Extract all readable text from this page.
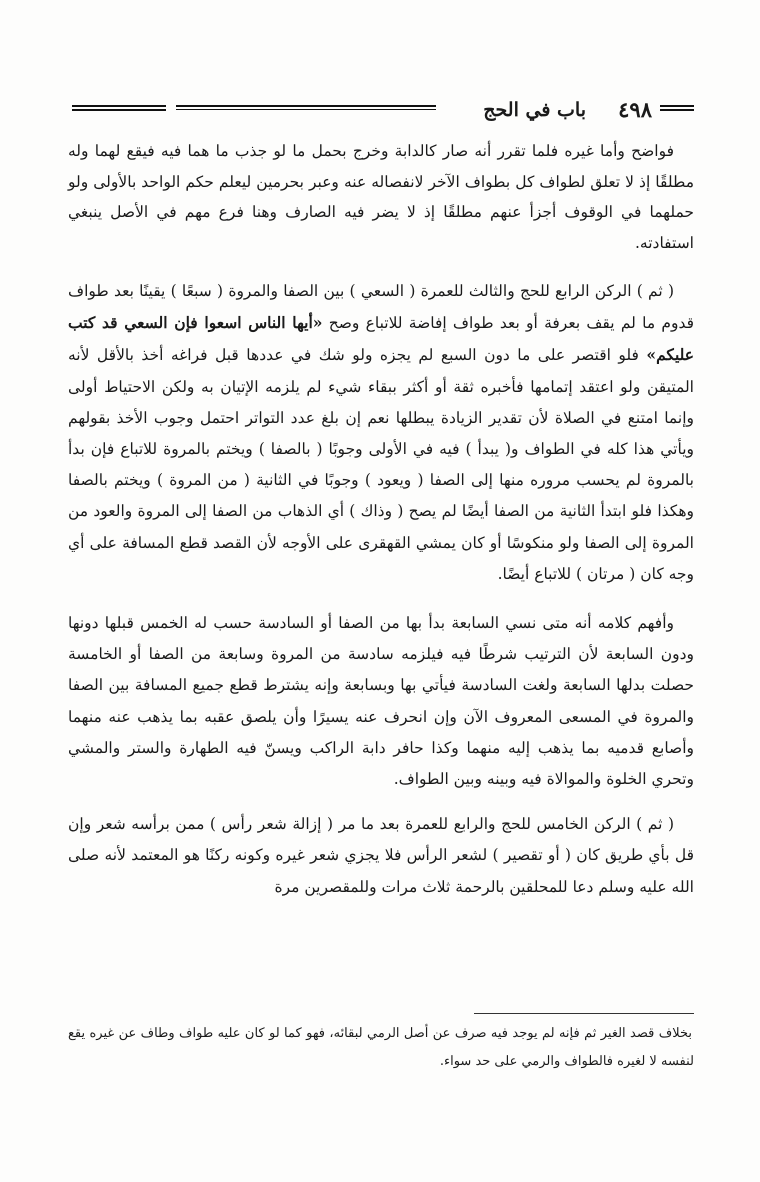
٤٩٨
باب في الحج

فواضح وأما غيره فلما تقرر أنه صار كالدابة وخرج بحمل ما لو جذب ما هما فيه فيقع لهما وله مطلقًا إذ لا تعلق لطواف كل بطواف الآخر لانفصاله عنه وعبر بحرمين ليعلم حكم الواحد بالأولى ولو حملهما في الوقوف أجزأ عنهم مطلقًا إذ لا يضر فيه الصارف وهنا فرع مهم في الأصل ينبغي استفادته.

( ثم ) الركن الرابع للحج والثالث للعمرة ( السعي ) بين الصفا والمروة ( سبعًا ) يقينًا بعد طواف قدوم ما لم يقف بعرفة أو بعد طواف إفاضة للاتباع وصح «أيها الناس اسعوا فإن السعي قد كتب عليكم» فلو اقتصر على ما دون السبع لم يجزه ولو شك في عددها قبل فراغه أخذ بالأقل لأنه المتيقن ولو اعتقد إتمامها فأخبره ثقة أو أكثر ببقاء شيء لم يلزمه الإتيان به ولكن الاحتياط أولى وإنما امتنع في الصلاة لأن تقدير الزيادة يبطلها نعم إن بلغ عدد التواتر احتمل وجوب الأخذ بقولهم ويأتي هذا كله في الطواف و( يبدأ ) فيه في الأولى وجوبًا ( بالصفا ) ويختم بالمروة للاتباع فإن بدأ بالمروة لم يحسب مروره منها إلى الصفا ( ويعود ) وجوبًا في الثانية ( من المروة ) ويختم بالصفا وهكذا فلو ابتدأ الثانية من الصفا أيضًا لم يصح ( وذاك ) أي الذهاب من الصفا إلى المروة والعود من المروة إلى الصفا ولو منكوسًا أو كان يمشي القهقرى على الأوجه لأن القصد قطع المسافة على أي وجه كان ( مرتان ) للاتباع أيضًا.

وأفهم كلامه أنه متى نسي السابعة بدأ بها من الصفا أو السادسة حسب له الخمس قبلها دونها ودون السابعة لأن الترتيب شرطًا فيه فيلزمه سادسة من المروة وسابعة من الصفا أو الخامسة حصلت بدلها السابعة ولغت السادسة فيأتي بها وبسابعة وإنه يشترط قطع جميع المسافة بين الصفا والمروة في المسعى المعروف الآن وإن انحرف عنه يسيرًا وأن يلصق عقبه بما يذهب عنه منهما وأصابع قدميه بما يذهب إليه منهما وكذا حافر دابة الراكب ويسنّ فيه الطهارة والستر والمشي وتحري الخلوة والموالاة فيه وبينه وبين الطواف.

( ثم ) الركن الخامس للحج والرابع للعمرة بعد ما مر ( إزالة شعر رأس ) ممن برأسه شعر وإن قل بأي طريق كان ( أو تقصير ) لشعر الرأس فلا يجزي شعر غيره وكونه ركنًا هو المعتمد لأنه صلى الله عليه وسلم دعا للمحلقين بالرحمة ثلاث مرات وللمقصرين مرة

بخلاف قصد الغير ثم فإنه لم يوجد فيه صرف عن أصل الرمي لبقائه، فهو كما لو كان عليه طواف وطاف عن غيره يقع لنفسه لا لغيره فالطواف والرمي على حد سواء.
